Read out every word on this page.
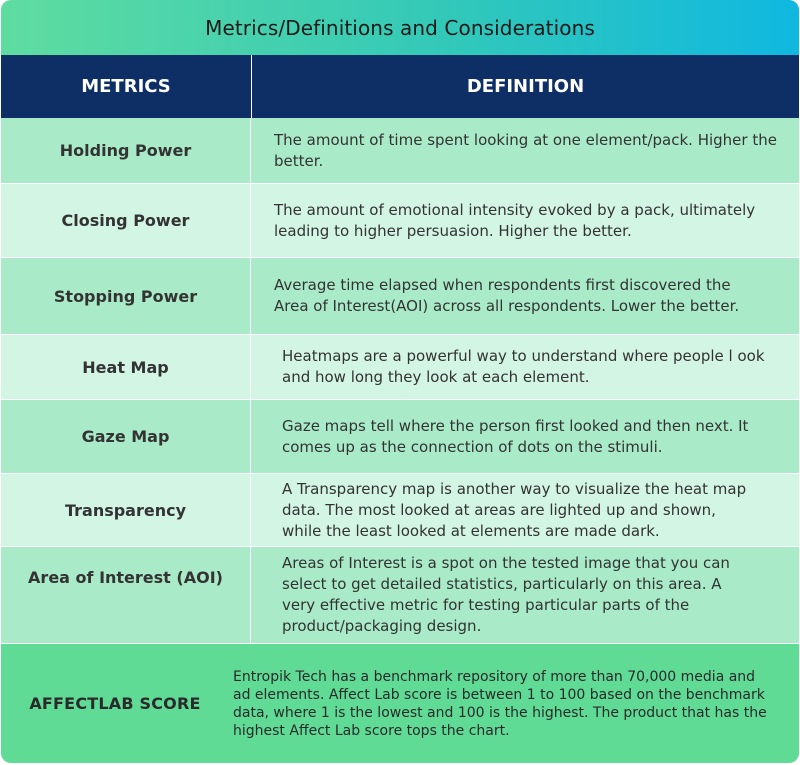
Metrics/Definitions and Considerations
METRICS	DEFINITION
Holding Power
The amount of time spent looking at one element/pack. Higher the better.
Closing Power
The amount of emotional intensity evoked by a pack, ultimately leading to higher persuasion. Higher the better.
Stopping Power
Average time elapsed when respondents first discovered the Area of Interest(AOI) across all respondents. Lower the better.
Heat Map
Heatmaps are a powerful way to understand where people l ook and how long they look at each element.
Gaze Map
Gaze maps tell where the person first looked and then next. It comes up as the connection of dots on the stimuli.
Transparency
A Transparency map is another way to visualize the heat map data. The most looked at areas are lighted up and shown, while the least looked at elements are made dark.
Area of Interest (AOI)
Areas of Interest is a spot on the tested image that you can select to get detailed statistics, particularly on this area. A very effective metric for testing particular parts of the product/packaging design.
AFFECTLAB SCORE
Entropik Tech has a benchmark repository of more than 70,000 media and ad elements. Affect Lab score is between 1 to 100 based on the benchmark data, where 1 is the lowest and 100 is the highest. The product that has the highest Affect Lab score tops the chart.
